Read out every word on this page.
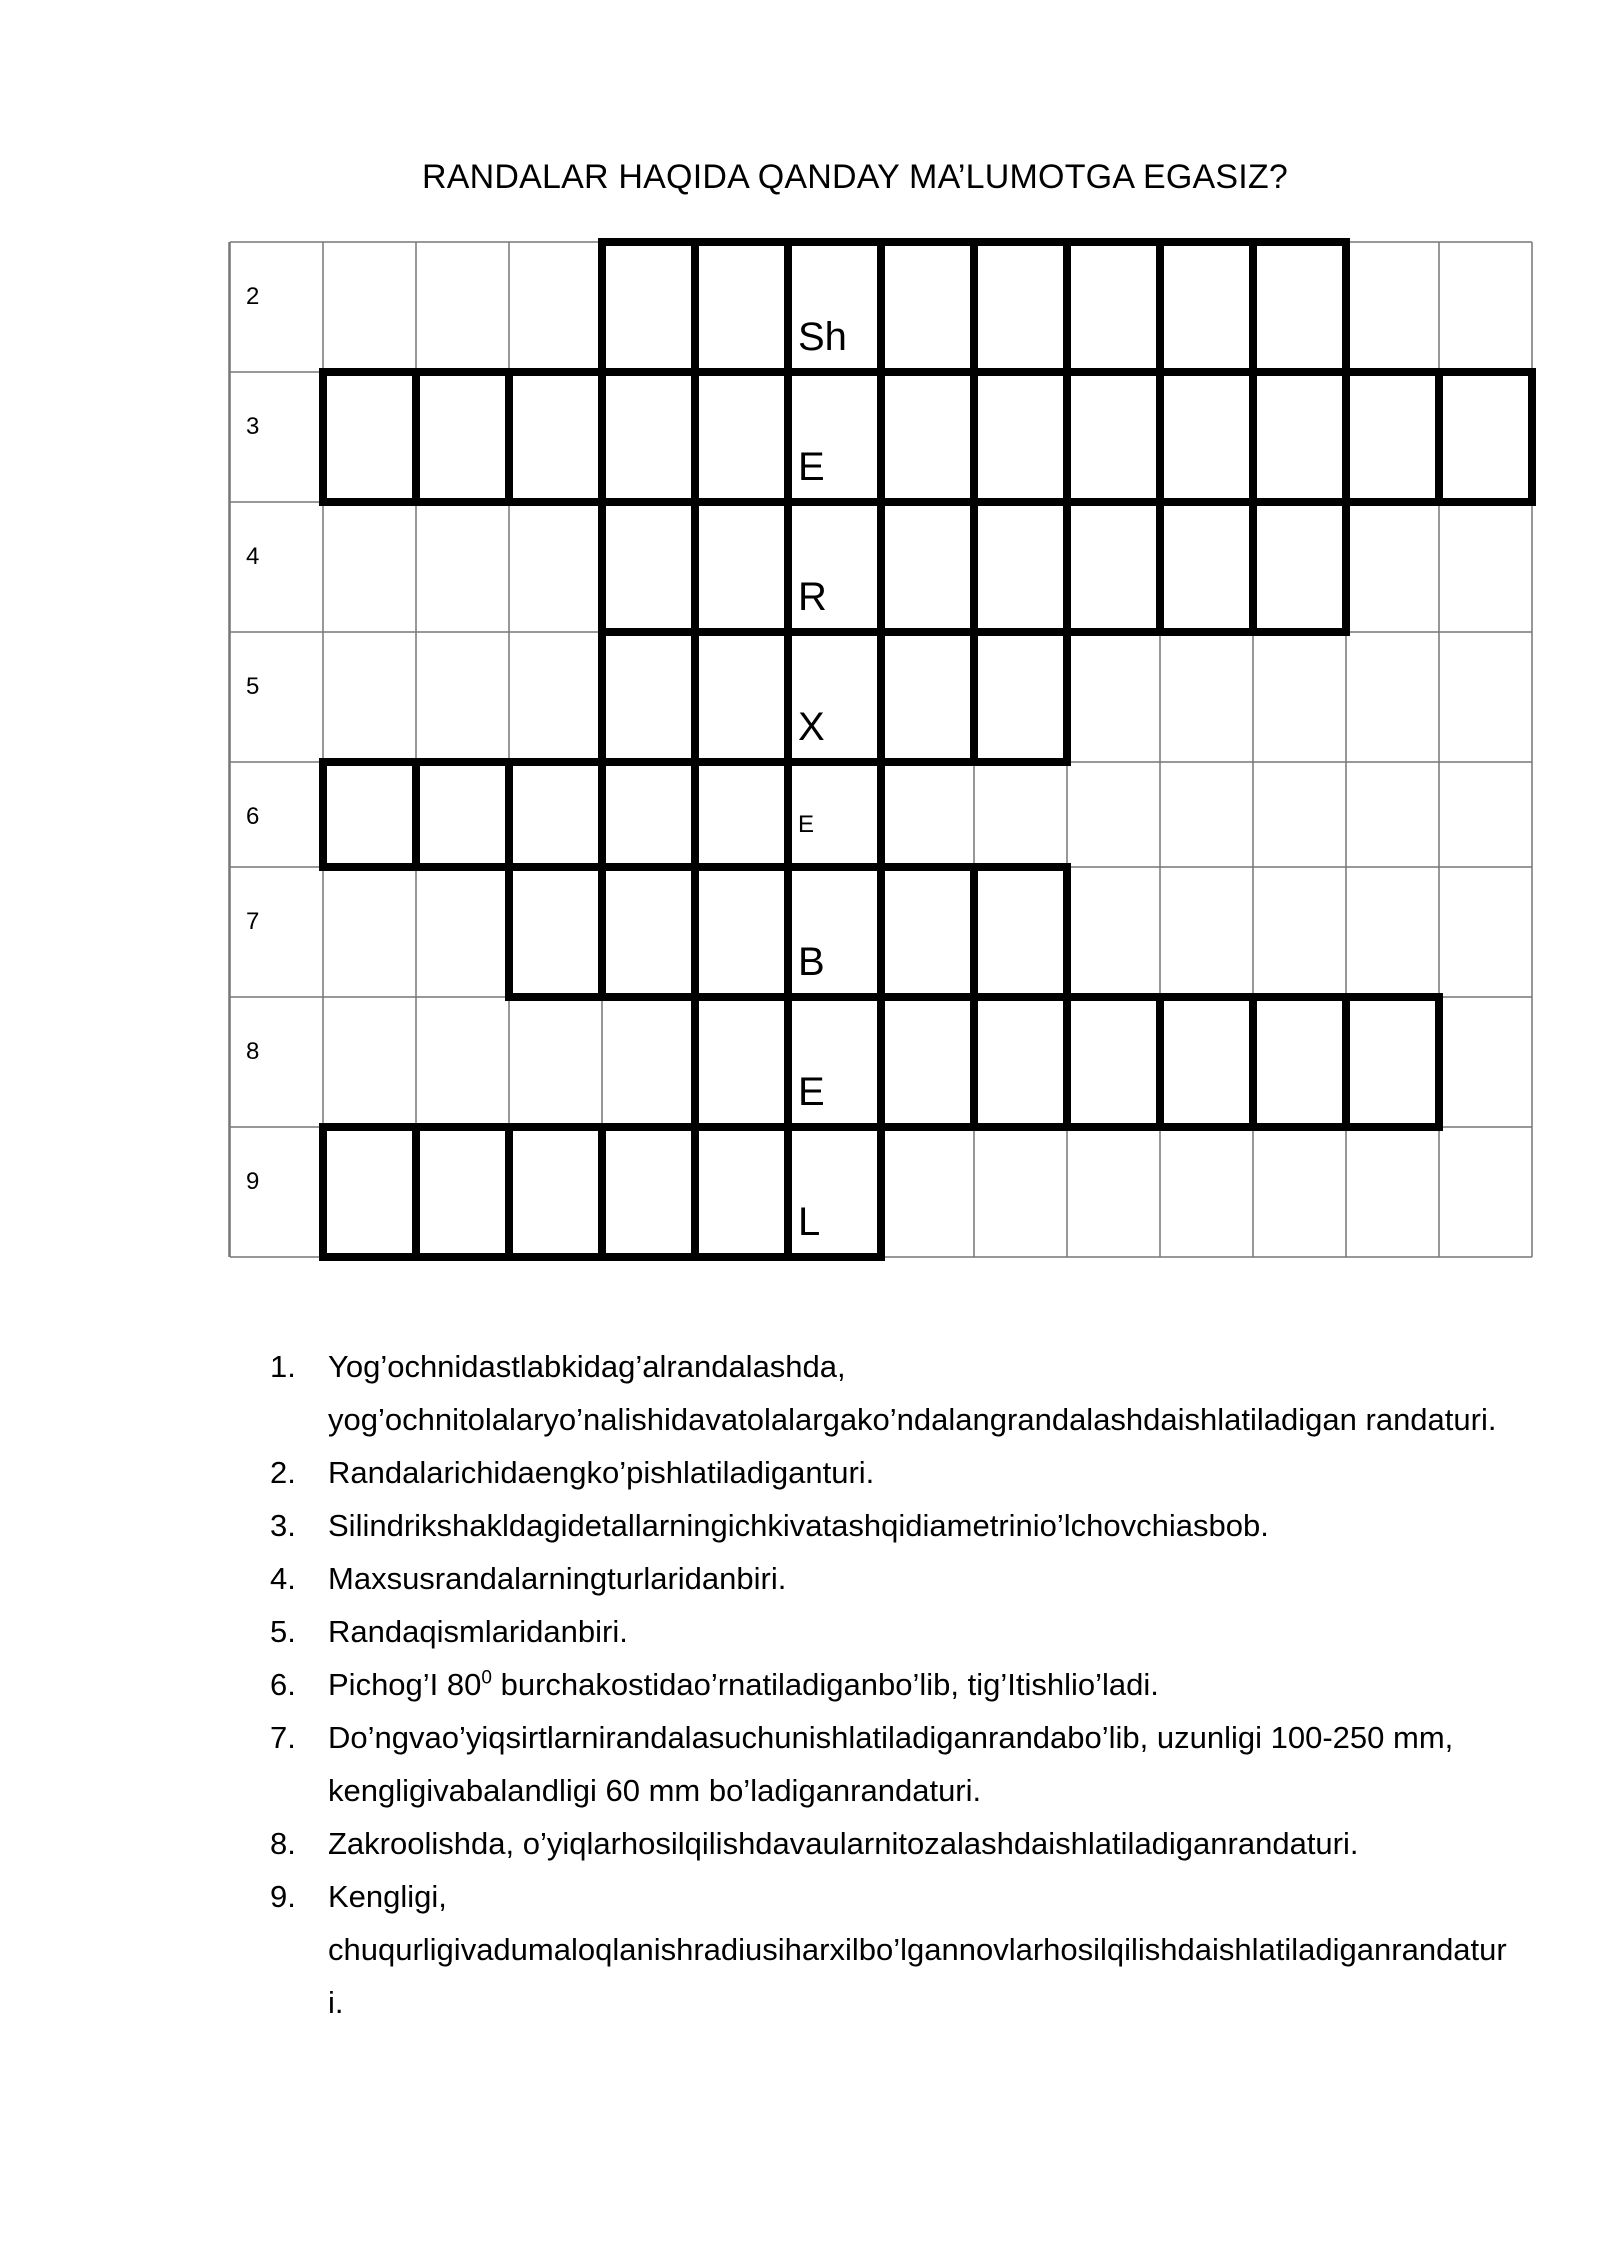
RANDALAR HAQIDA QANDAY MA’LUMOTGA EGASIZ?
2
3
4
5
6
7
8
9
Sh
E
R
X
E
B
E
L
1. Yog’ochnidastlabkidag’alrandalashda, yog’ochnitolalaryo’nalishidavatolalargako’ndalangrandalashdaishlatiladigan randaturi.
2. Randalarichidaengko’pishlatiladiganturi.
3. Silindrikshakldagidetallarningichkivatashqidiametrinio’lchovchiasbob.
4. Maxsusrandalarningturlaridanbiri.
5. Randaqismlaridanbiri.
6. Pichog’I $80^0$ burchakostidao’rnatiladiganbo’lib, tig’Itishlio’ladi.
7. Do’ngvao’yiqsirtlarnirandalasuchunishlatiladiganrandabo’lib, uzunligi 100-250 mm, kengligivabalandligi 60 mm bo’ladiganrandaturi.
8. Zakroolishda, o’yiqlarhosilqilishdavaularnitozalashdaishlatiladiganrandaturi.
9. Kengligi, chuqurligivadumaloqlanishradiusiharxilbo’lgannovlarhosilqilishdaishlatiladiganrandaturi.
